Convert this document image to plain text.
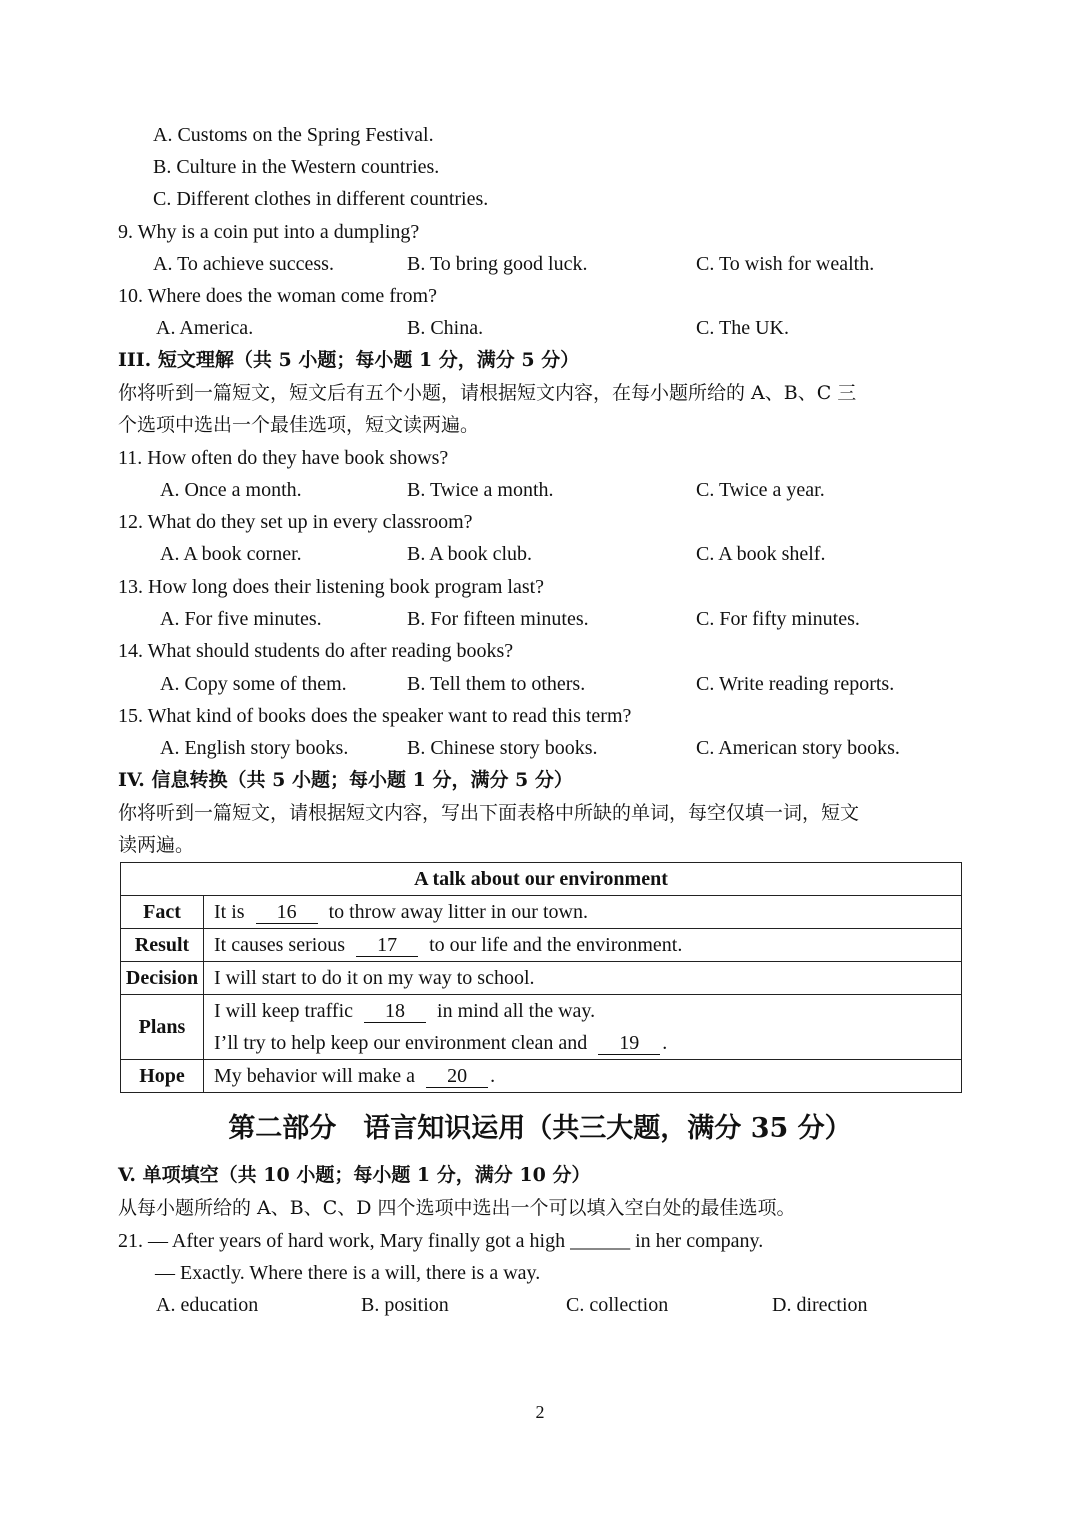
A. Customs on the Spring Festival.
B. Culture in the Western countries.
C. Different clothes in different countries.
9. Why is a coin put into a dumpling?
A. To achieve success.	B. To bring good luck.	C. To wish for wealth.
10. Where does the woman come from?
A. America.	B. China.	C. The UK.
III. 短文理解（共 5 小题；每小题 1 分，满分 5 分）
你将听到一篇短文，短文后有五个小题，请根据短文内容，在每小题所给的 A、B、C 三
个选项中选出一个最佳选项，短文读两遍。
11. How often do they have book shows?
A. Once a month.	B. Twice a month.	C. Twice a year.
12. What do they set up in every classroom?
A. A book corner.	B. A book club.	C. A book shelf.
13. How long does their listening book program last?
A. For five minutes.	B. For fifteen minutes.	C. For fifty minutes.
14. What should students do after reading books?
A. Copy some of them.	B. Tell them to others.	C. Write reading reports.
15. What kind of books does the speaker want to read this term?
A. English story books.	B. Chinese story books.	C. American story books.
IV. 信息转换（共 5 小题；每小题 1 分，满分 5 分）
你将听到一篇短文，请根据短文内容，写出下面表格中所缺的单词，每空仅填一词，短文
读两遍。
A talk about our environment	
Fact	It is 16 to throw away litter in our town.
Result	It causes serious 17 to our life and the environment.
Decision	I will start to do it on my way to school.
Plans	I will keep traffic 18 in mind all the way.
I’ll try to help keep our environment clean and 19 .

Hope	My behavior will make a 20 .
第二部分　语言知识运用（共三大题，满分 35 分）
V. 单项填空（共 10 小题；每小题 1 分，满分 10 分）
从每小题所给的 A、B、C、D 四个选项中选出一个可以填入空白处的最佳选项。
21. — After years of hard work, Mary finally got a high ______ in her company.
— Exactly. Where there is a will, there is a way.
A. education	B. position	C. collection	D. direction
2
